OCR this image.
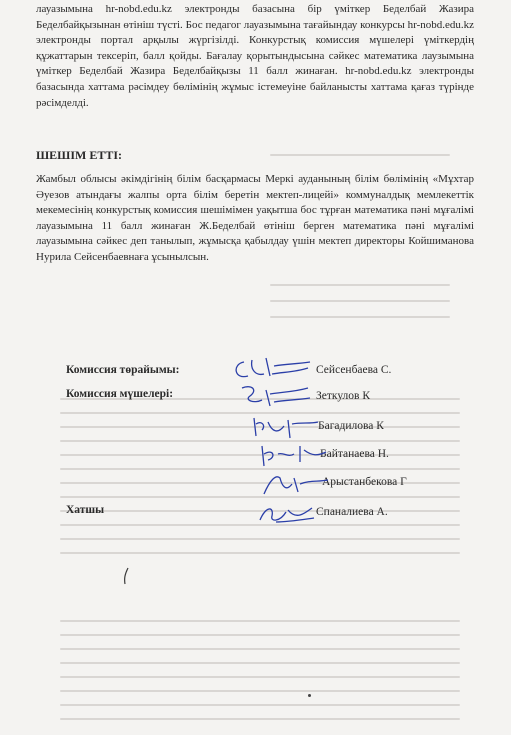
лауазымына hr-nobd.edu.kz электронды базасына бір үміткер Беделбай Жазира Беделбайқызынан өтініш түсті. Бос педагог лауазымына тағайындау конкурсы hr-nobd.edu.kz электронды портал арқылы жүргізілді. Конкурстық комиссия мүшелері үміткердің құжаттарын тексеріп, балл қойды. Бағалау қорытындысына сәйкес математика лаузымына үміткер Беделбай Жазира Беделбайқызы 11 балл жинаған. hr-nobd.edu.kz электронды базасында хаттама рәсімдеу бөлімінің жұмыс істемеуіне байланысты хаттама қағаз түрінде рәсімделді.

ШЕШІМ ЕТТІ:

Жамбыл облысы әкімдігінің білім басқармасы Меркі ауданының білім бөлімінің «Мұхтар Әуезов атындағы жалпы орта білім беретін мектеп-лицейі» коммуналдық мемлекеттік мекемесінің конкурстық комиссия шешімімен уақытша бос тұрған математика пәні мұғалімі лауазымына 11 балл жинаған Ж.Беделбай өтініш берген математика пәні мұғалімі лауазымына сәйкес деп танылып, жұмысқа қабылдау үшін мектеп директоры Койшиманова Нурила Сейсенбаевнаға ұсынылсын.

Комиссия төрайымы:
Комиссия мүшелері:
Хатшы
Сейсенбаева С.
Зеткулов К
Багадилова К
Байтанаева Н.
Арыстанбекова Г
Спаналиева А.
